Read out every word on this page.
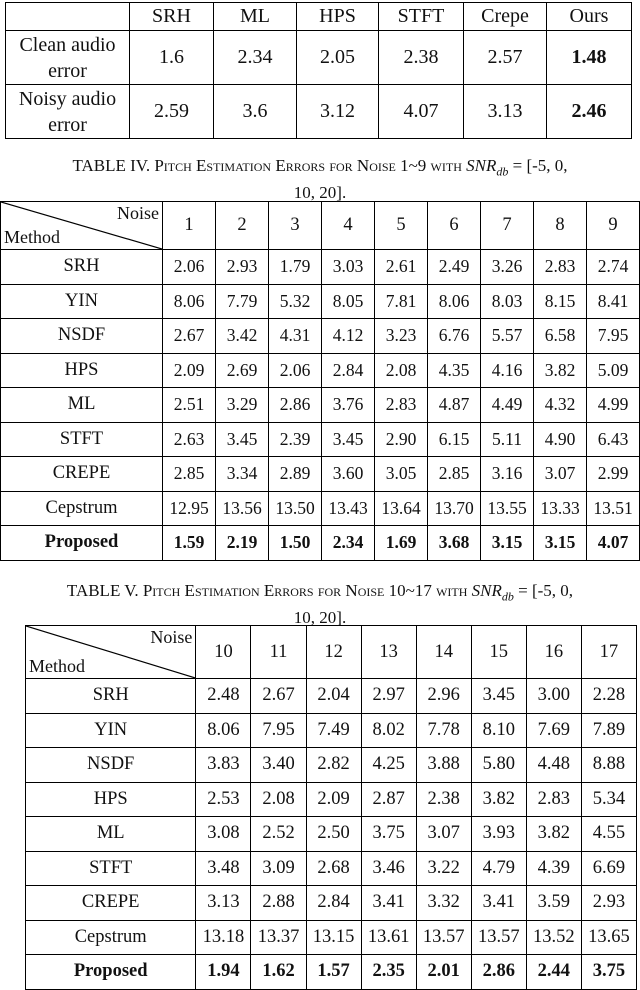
	SRH	ML	HPS	STFT	Crepe	Ours
Clean audio
error	1.6	2.34	2.05	2.38	2.57	1.48
Noisy audio
error	2.59	3.6	3.12	4.07	3.13	2.46
TABLE IV. Pitch Estimation Errors for Noise 1~9 with $SNR_{db} = [-5$, 0,
10, 20].
Noise
Method	1	2	3	4	5	6	7	8	9
SRH	2.06	2.93	1.79	3.03	2.61	2.49	3.26	2.83	2.74
YIN	8.06	7.79	5.32	8.05	7.81	8.06	8.03	8.15	8.41
NSDF	2.67	3.42	4.31	4.12	3.23	6.76	5.57	6.58	7.95
HPS	2.09	2.69	2.06	2.84	2.08	4.35	4.16	3.82	5.09
ML	2.51	3.29	2.86	3.76	2.83	4.87	4.49	4.32	4.99
STFT	2.63	3.45	2.39	3.45	2.90	6.15	5.11	4.90	6.43
CREPE	2.85	3.34	2.89	3.60	3.05	2.85	3.16	3.07	2.99
Cepstrum	12.95	13.56	13.50	13.43	13.64	13.70	13.55	13.33	13.51
Proposed	1.59	2.19	1.50	2.34	1.69	3.68	3.15	3.15	4.07
TABLE V. Pitch Estimation Errors for Noise 10~17 with $SNR_{db} = [-5$, 0,
10, 20].
Noise
Method	10	11	12	13	14	15	16	17
SRH	2.48	2.67	2.04	2.97	2.96	3.45	3.00	2.28
YIN	8.06	7.95	7.49	8.02	7.78	8.10	7.69	7.89
NSDF	3.83	3.40	2.82	4.25	3.88	5.80	4.48	8.88
HPS	2.53	2.08	2.09	2.87	2.38	3.82	2.83	5.34
ML	3.08	2.52	2.50	3.75	3.07	3.93	3.82	4.55
STFT	3.48	3.09	2.68	3.46	3.22	4.79	4.39	6.69
CREPE	3.13	2.88	2.84	3.41	3.32	3.41	3.59	2.93
Cepstrum	13.18	13.37	13.15	13.61	13.57	13.57	13.52	13.65
Proposed	1.94	1.62	1.57	2.35	2.01	2.86	2.44	3.75
